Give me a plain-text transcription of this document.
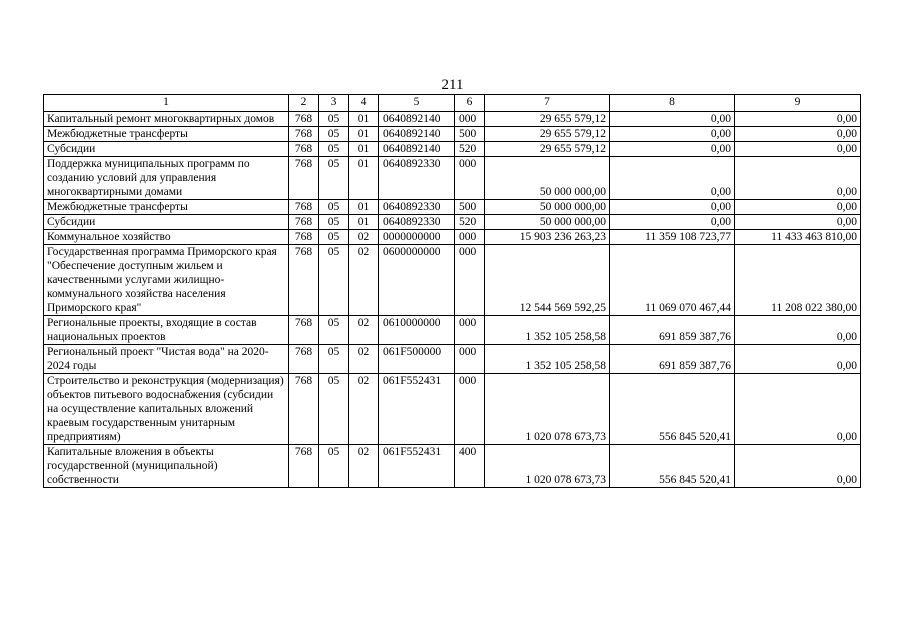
211
1	2	3	4	5	6	7	8	9
Капитальный ремонт многоквартирных домов	768	05	01	0640892140	000	29 655 579,12	0,00	0,00
Межбюджетные трансферты	768	05	01	0640892140	500	29 655 579,12	0,00	0,00
Субсидии	768	05	01	0640892140	520	29 655 579,12	0,00	0,00
Поддержка муниципальных программ по созданию условий для управления многоквартирными домами	768	05	01	0640892330	000	50 000 000,00	0,00	0,00
Межбюджетные трансферты	768	05	01	0640892330	500	50 000 000,00	0,00	0,00
Субсидии	768	05	01	0640892330	520	50 000 000,00	0,00	0,00
Коммунальное хозяйство	768	05	02	0000000000	000	15 903 236 263,23	11 359 108 723,77	11 433 463 810,00
Государственная программа Приморского края "Обеспечение доступным жильем и качественными услугами жилищно-коммунального хозяйства населения Приморского края"	768	05	02	0600000000	000	12 544 569 592,25	11 069 070 467,44	11 208 022 380,00
Региональные проекты, входящие в состав национальных проектов	768	05	02	0610000000	000	1 352 105 258,58	691 859 387,76	0,00
Региональный проект "Чистая вода" на 2020-2024 годы	768	05	02	061F500000	000	1 352 105 258,58	691 859 387,76	0,00
Строительство и реконструкция (модернизация) объектов питьевого водоснабжения (субсидии на осуществление капитальных вложений краевым государственным унитарным предприятиям)	768	05	02	061F552431	000	1 020 078 673,73	556 845 520,41	0,00
Капитальные вложения в объекты государственной (муниципальной) собственности	768	05	02	061F552431	400	1 020 078 673,73	556 845 520,41	0,00
